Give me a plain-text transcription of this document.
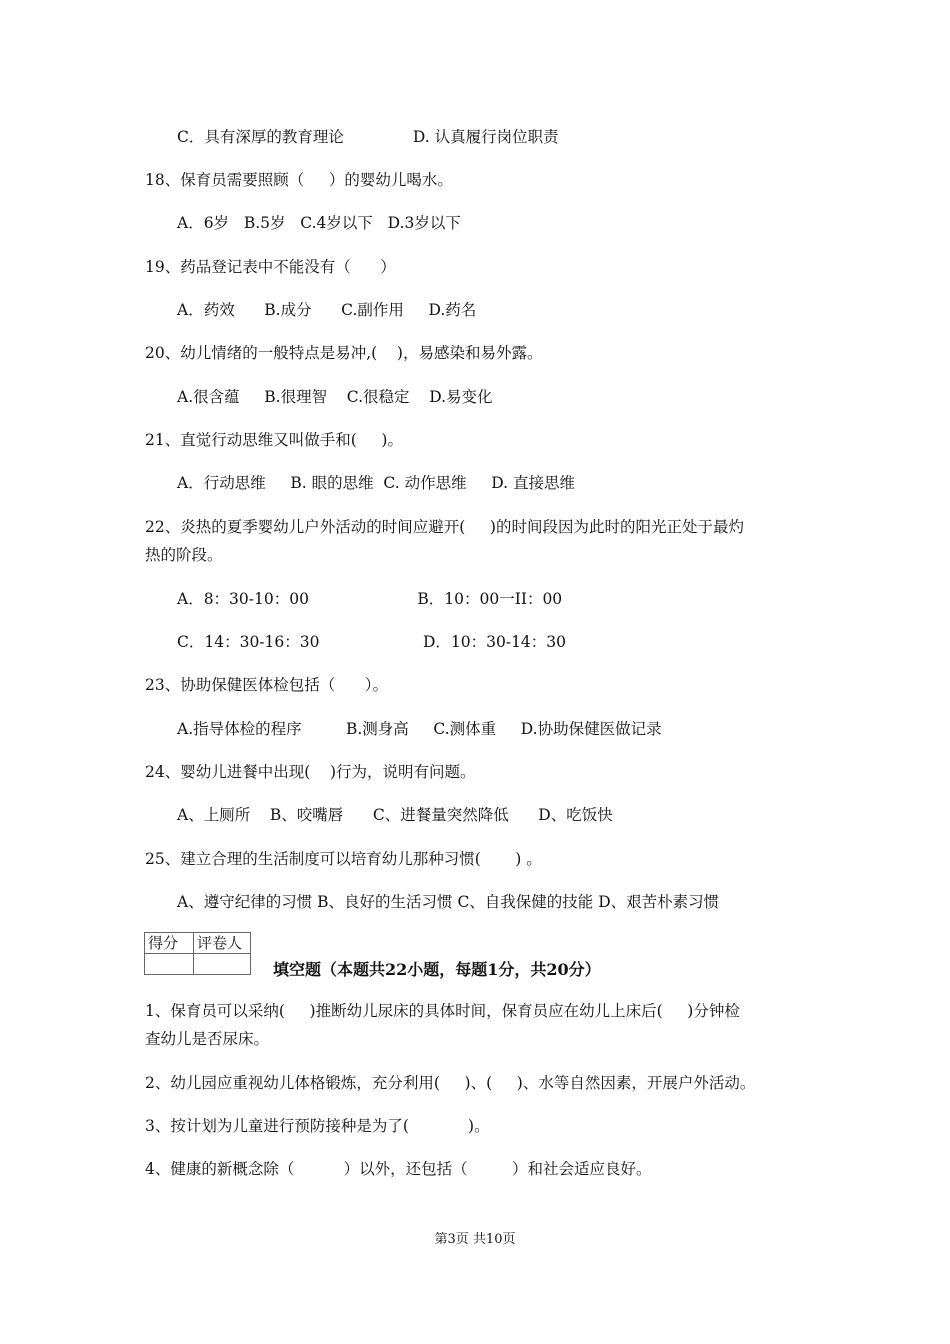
C．具有深厚的教育理论              D. 认真履行岗位职责

18、保育员需要照顾（     ）的婴幼儿喝水。

A．6岁   B.5岁   C.4岁以下   D.3岁以下

19、药品登记表中不能没有（      ）

A．药效      B.成分      C.副作用     D.药名

20、幼儿情绪的一般特点是易冲,(    )，易感染和易外露。

A.很含蕴     B.很理智    C.很稳定    D.易变化

21、直觉行动思维又叫做手和(     )。

A．行动思维     B. 眼的思维  C. 动作思维     D. 直接思维

22、炎热的夏季婴幼儿户外活动的时间应避开(     )的时间段因为此时的阳光正处于最灼

热的阶段。

A．8：30-10：00                      B．10：00一II：00

C．14：30-16：30                     D．10：30-14：30

23、协助保健医体检包括（      ）。

A.指导体检的程序         B.测身高     C.测体重     D.协助保健医做记录

24、婴幼儿进餐中出现(    )行为，说明有问题。

A、上厕所    B、咬嘴唇      C、进餐量突然降低      D、吃饭快

25、建立合理的生活制度可以培育幼儿那种习惯(       ) 。

A、遵守纪律的习惯 B、良好的生活习惯 C、自我保健的技能 D、艰苦朴素习惯

1、保育员可以采纳(     )推断幼儿尿床的具体时间，保育员应在幼儿上床后(     )分钟检

查幼儿是否尿床。

2、幼儿园应重视幼儿体格锻炼，充分利用(     )、(     )、水等自然因素，开展户外活动。

3、按计划为儿童进行预防接种是为了(            )。

4、健康的新概念除（          ）以外，还包括（         ）和社会适应良好。

得分	评卷人

填空题（本题共22小题，每题1分，共20分）
第3页 共10页
